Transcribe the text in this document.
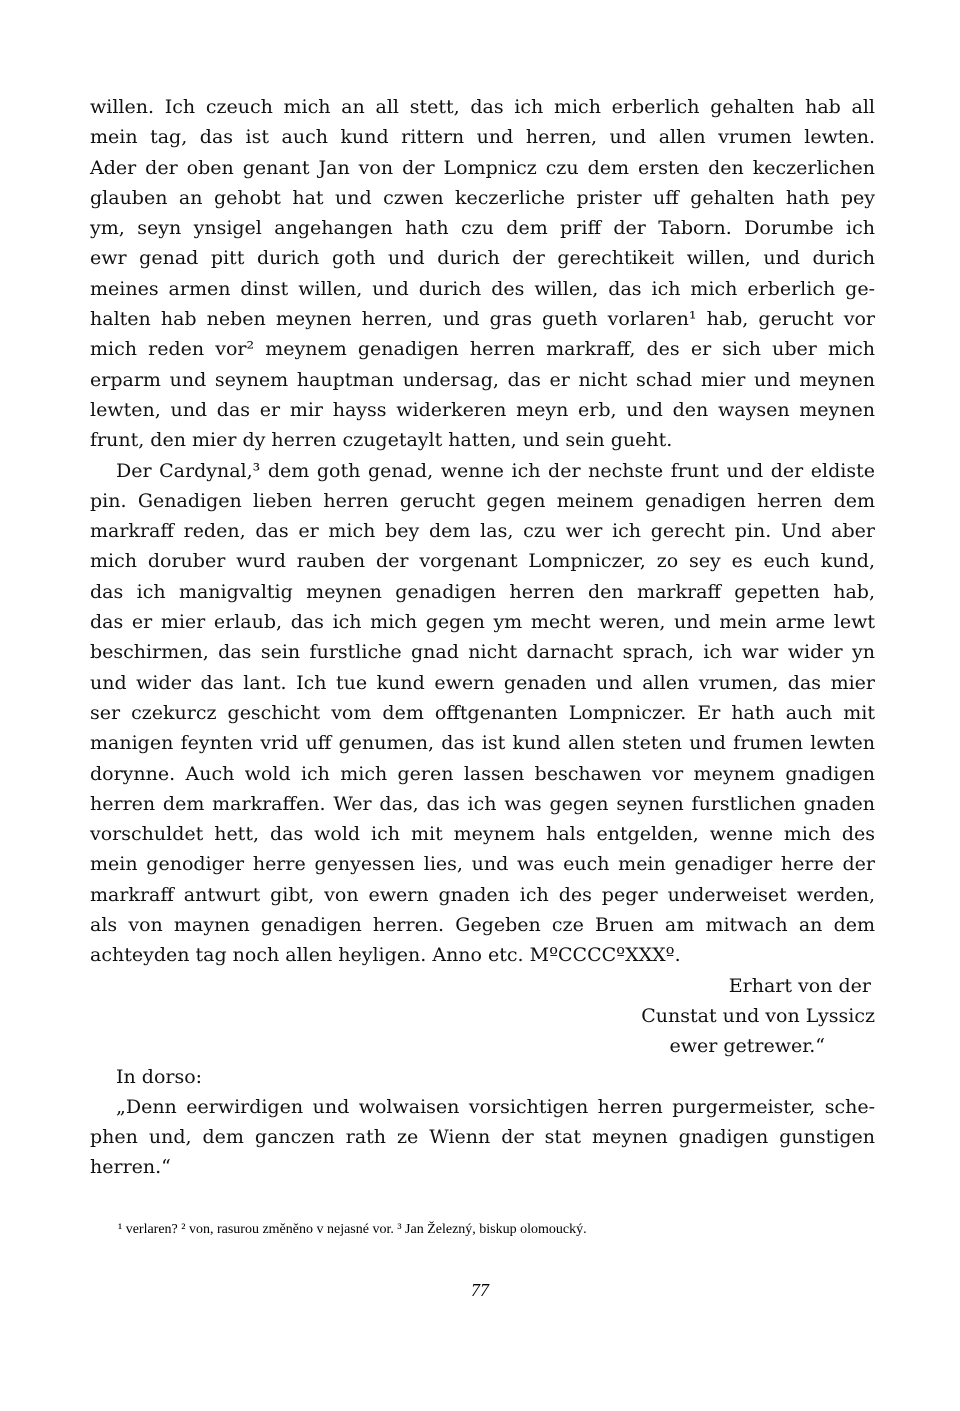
willen. Ich czeuch mich an all stett, das ich mich erberlich gehalten hab all
mein tag, das ist auch kund rittern und herren, und allen vrumen lewten.
Ader der oben genant Jan von der Lompnicz czu dem ersten den keczerlichen
glauben an gehobt hat und czwen keczerliche prister uff gehalten hath pey
ym, seyn ynsigel angehangen hath czu dem priff der Taborn. Dorumbe ich
ewr genad pitt durich goth und durich der gerechtikeit willen, und durich
meines armen dinst willen, und durich des willen, das ich mich erberlich ge-
halten hab neben meynen herren, und gras gueth vorlaren¹ hab, gerucht vor
mich reden vor² meynem genadigen herren markraff, des er sich uber mich
erparm und seynem hauptman undersag, das er nicht schad mier und meynen
lewten, und das er mir hayss widerkeren meyn erb, und den waysen meynen
frunt, den mier dy herren czugetaylt hatten, und sein gueht.
Der Cardynal,³ dem goth genad, wenne ich der nechste frunt und der eldiste
pin. Genadigen lieben herren gerucht gegen meinem genadigen herren dem
markraff reden, das er mich bey dem las, czu wer ich gerecht pin. Und aber
mich doruber wurd rauben der vorgenant Lompniczer, zo sey es euch kund,
das ich manigvaltig meynen genadigen herren den markraff gepetten hab,
das er mier erlaub, das ich mich gegen ym mecht weren, und mein arme lewt
beschirmen, das sein furstliche gnad nicht darnacht sprach, ich war wider yn
und wider das lant. Ich tue kund ewern genaden und allen vrumen, das mier
ser czekurcz geschicht vom dem offtgenanten Lompniczer. Er hath auch mit
manigen feynten vrid uff genumen, das ist kund allen steten und frumen lewten
dorynne. Auch wold ich mich geren lassen beschawen vor meynem gnadigen
herren dem markraffen. Wer das, das ich was gegen seynen furstlichen gnaden
vorschuldet hett, das wold ich mit meynem hals entgelden, wenne mich des
mein genodiger herre genyessen lies, und was euch mein genadiger herre der
markraff antwurt gibt, von ewern gnaden ich des peger underweiset werden,
als von maynen genadigen herren. Gegeben cze Bruen am mitwach an dem
achteyden tag noch allen heyligen. Anno etc. MºCCCCºXXXº.
Erhart von der
Cunstat und von Lyssicz
ewer getrewer.“
In dorso:
„Denn eerwirdigen und wolwaisen vorsichtigen herren purgermeister, sche-
phen und, dem ganczen rath ze Wienn der stat meynen gnadigen gunstigen
herren.“
¹ verlaren? ² von, rasurou změněno v nejasné vor. ³ Jan Železný, biskup olomoucký.
77
